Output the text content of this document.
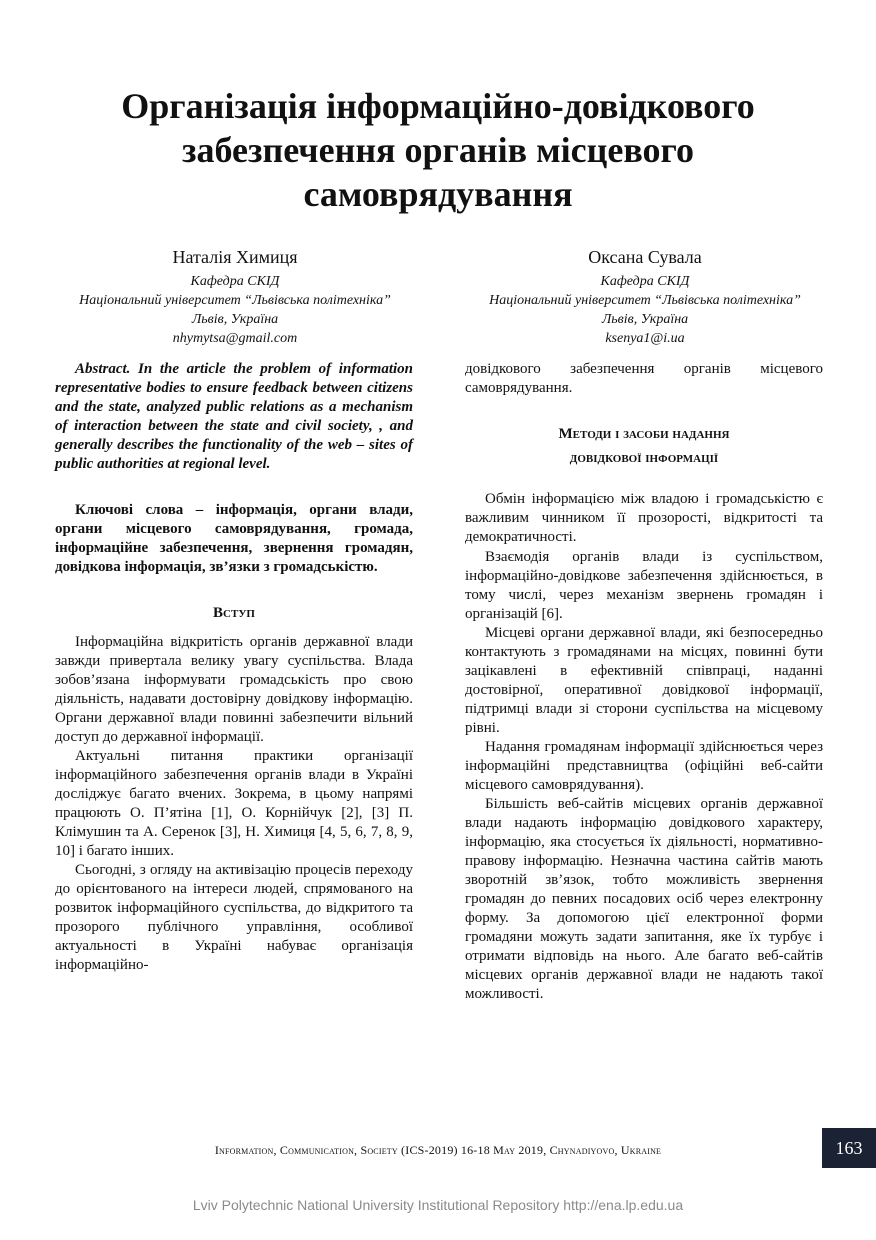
Організація інформаційно-довідкового
забезпечення органів місцевого
самоврядування
Наталія Химиця
Кафедра СКІД
Національний університет “Львівська політехніка”
Львів, Україна
nhymytsa@gmail.com
Оксана Сувала
Кафедра СКІД
Національний університет “Львівська політехніка”
Львів, Україна
ksenya1@i.ua

Abstract. In the article the problem of information representative bodies to ensure feedback between citizens and the state, analyzed public relations as a mechanism of interaction between the state and civil society, , and generally describes the functionality of the web – sites of public authorities at regional level.

Ключові слова – інформація, органи влади, органи місцевого самоврядування, громада, інформаційне забезпечення, звернення громадян, довідкова інформація, зв’язки з громадськістю.

Вступ

Інформаційна відкритість органів державної влади завжди привертала велику увагу суспільства. Влада зобов’язана інформувати громадськість про свою діяльність, надавати достовірну довідкову інформацію. Органи державної влади повинні забезпечити вільний доступ до державної інформації.

Актуальні питання практики організації інформаційного забезпечення органів влади в Україні досліджує багато вчених. Зокрема, в цьому напрямі працюють О. П’ятіна [1], О. Корнійчук [2], [3] П. Клімушин та А. Серенок [3], Н. Химиця [4, 5, 6, 7, 8, 9, 10] і багато інших.

Сьогодні, з огляду на активізацію процесів переходу до орієнтованого на інтереси людей, спрямованого на розвиток інформаційного суспільства, до відкритого та прозорого публічного управління, особливої актуальності в Україні набуває організація інформаційно-

довідкового забезпечення органів місцевого самоврядування.

Методи і засоби надання
довідкової інформації

Обмін інформацією між владою і громадськістю є важливим чинником її прозорості, відкритості та демократичності.

Взаємодія органів влади із суспільством, інформаційно-довідкове забезпечення здійснюється, в тому числі, через механізм звернень громадян і організацій [6].

Місцеві органи державної влади, які безпосередньо контактують з громадянами на місцях, повинні бути зацікавлені в ефективній співпраці, наданні достовірної, оперативної довідкової інформації, підтримці влади зі сторони суспільства на місцевому рівні.

Надання громадянам інформації здійснюється через інформаційні представництва (офіційні веб-сайти місцевого самоврядування).

Більшість веб-сайтів місцевих органів державної влади надають інформацію довідкового характеру, інформацію, яка стосується їх діяльності, нормативно-правову інформацію. Незначна частина сайтів мають зворотній зв’язок, тобто можливість звернення громадян до певних посадових осіб через електронну форму. За допомогою цієї електронної форми громадяни можуть задати запитання, яке їх турбує і отримати відповідь на нього. Але багато веб-сайтів місцевих органів державної влади не надають такої можливості.

Information, Communication, Society (ICS-2019) 16-18 May 2019, Chynadiyovo, Ukraine	163
Lviv Polytechnic National University Institutional Repository http://ena.lp.edu.ua
